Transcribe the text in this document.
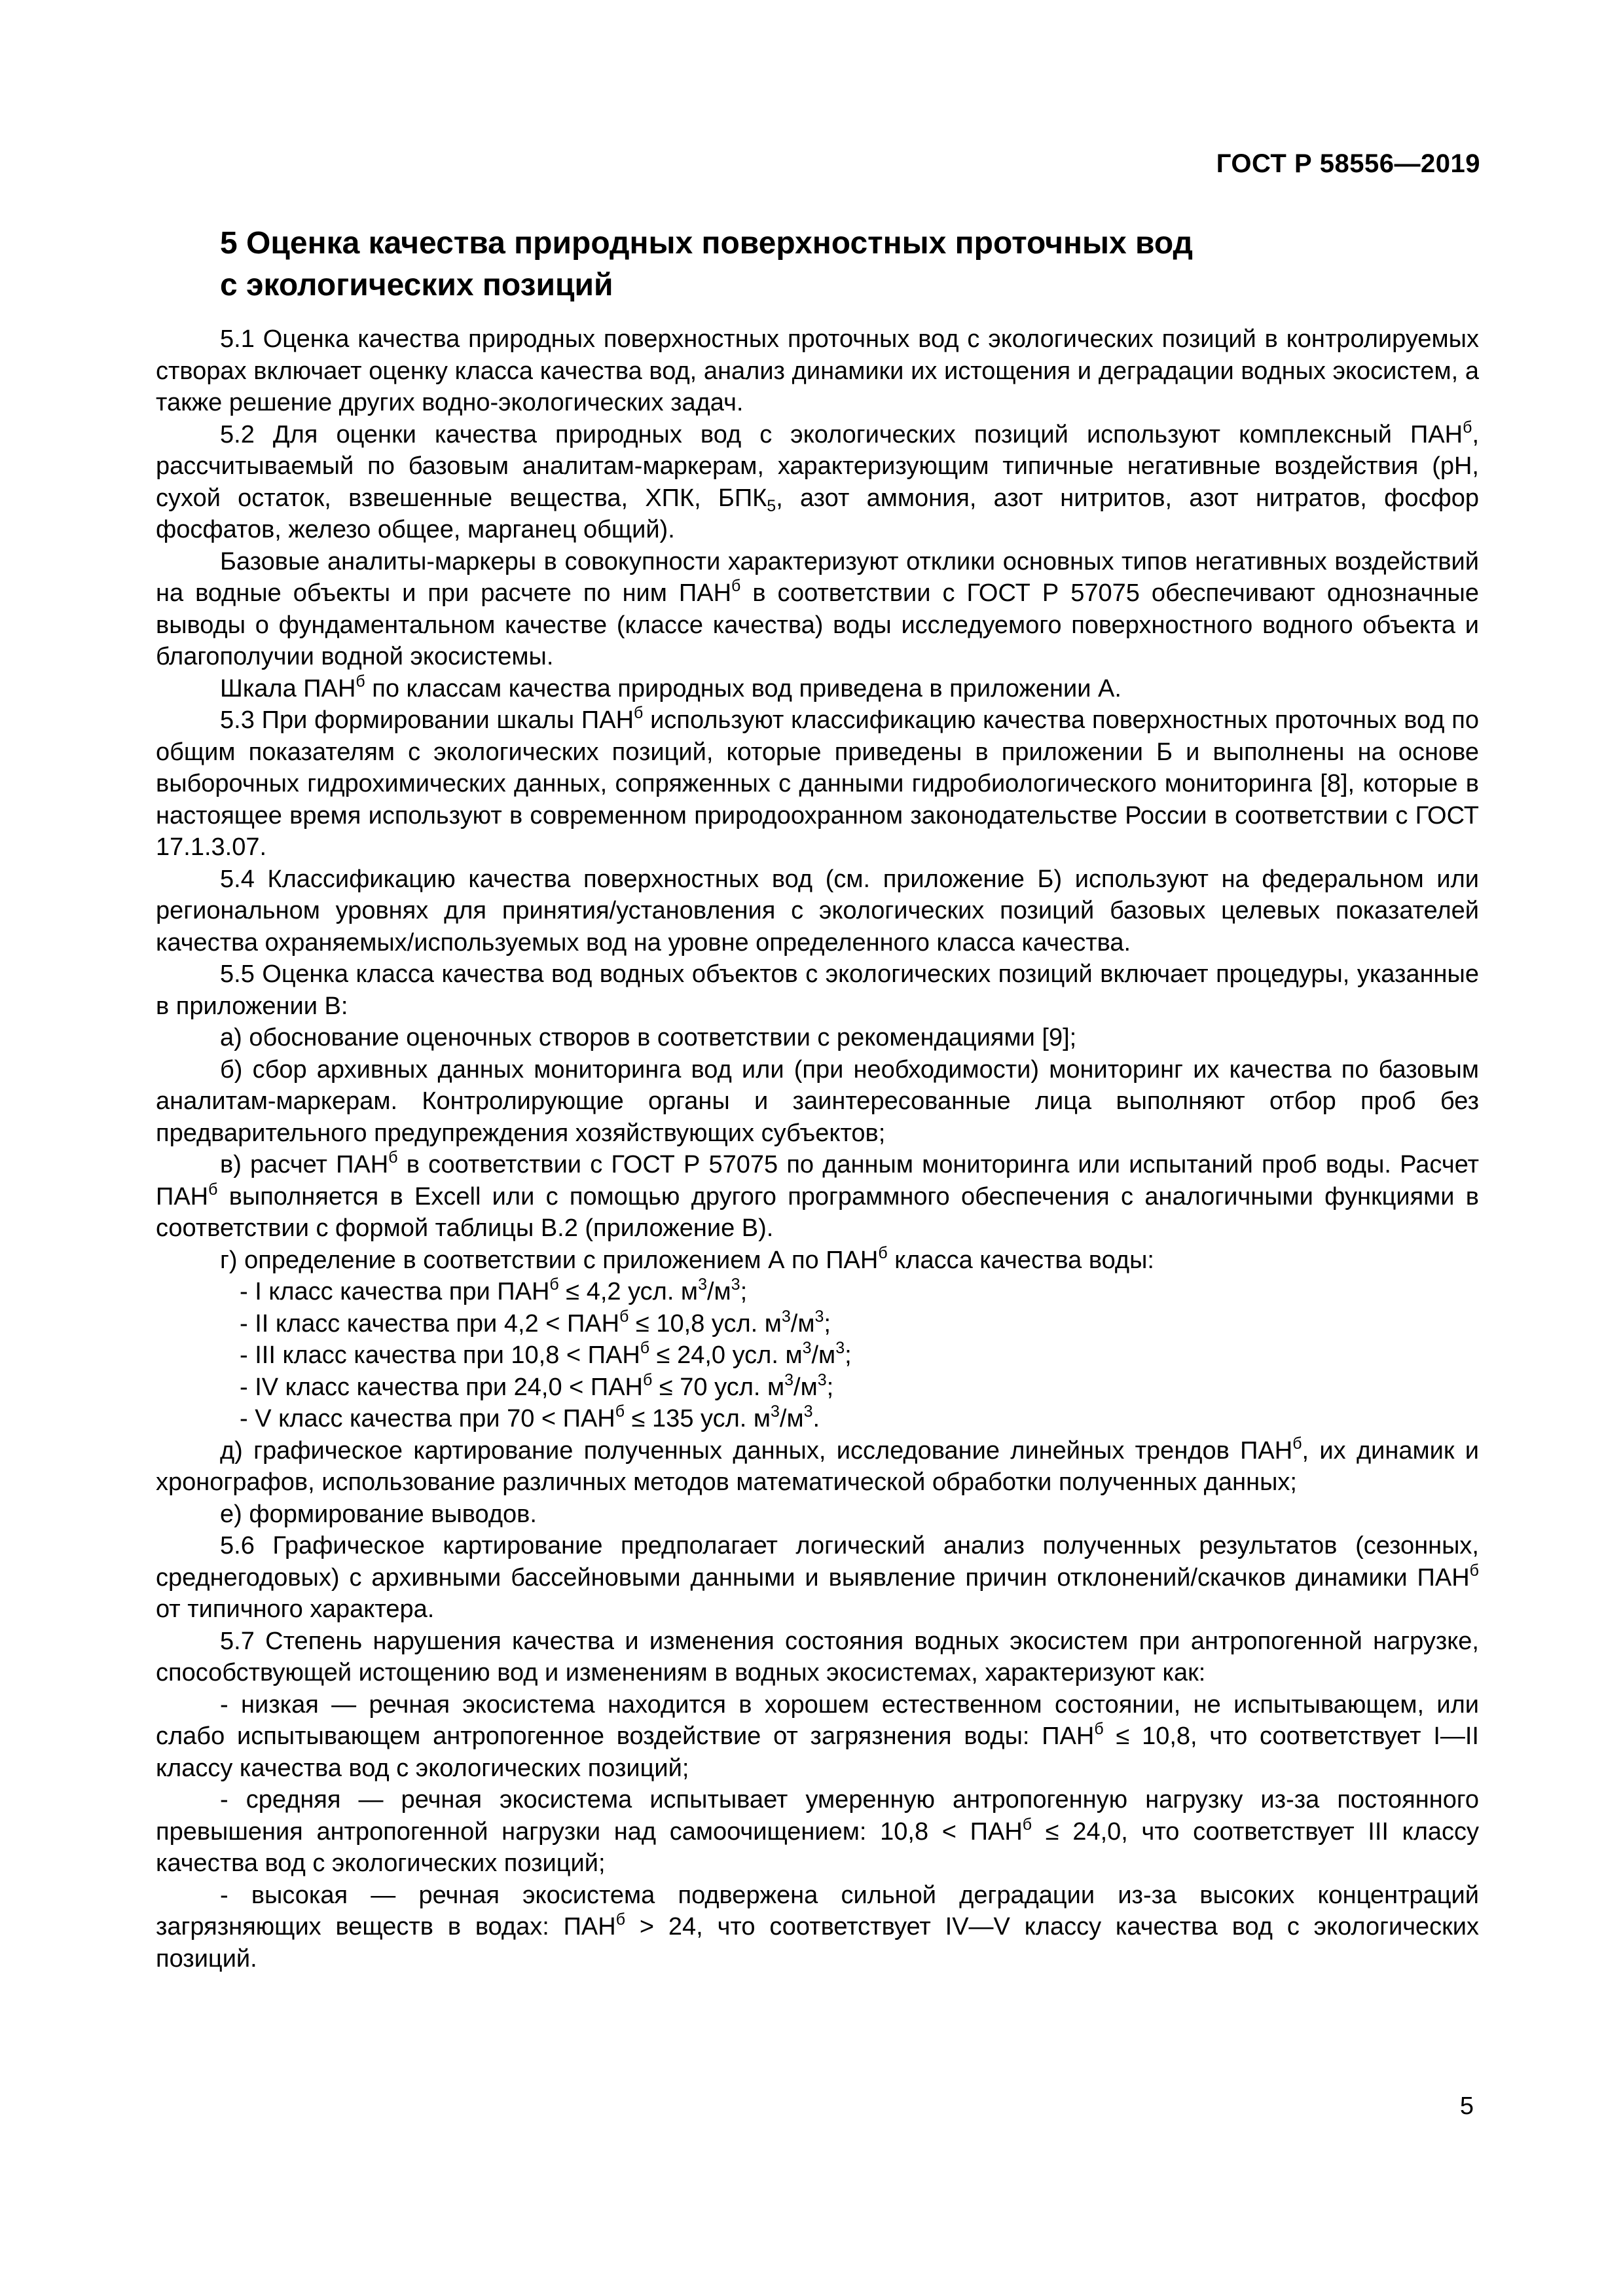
ГОСТ Р 58556—2019
5 Оценка качества природных поверхностных проточных вод
с экологических позиций

5.1 Оценка качества природных поверхностных проточных вод с экологических позиций в контролируемых створах включает оценку класса качества вод, анализ динамики их истощения и деградации водных экосистем, а также решение других водно-экологических задач.

5.2 Для оценки качества природных вод с экологических позиций используют комплексный $ПАН^б$, рассчитываемый по базовым аналитам-маркерам, характеризующим типичные негативные воздействия (pH, сухой остаток, взвешенные вещества, ХПК, $БПК_5$, азот аммония, азот нитритов, азот нитратов, фосфор фосфатов, железо общее, марганец общий).

Базовые аналиты-маркеры в совокупности характеризуют отклики основных типов негативных воздействий на водные объекты и при расчете по ним $ПАН^б$ в соответствии с ГОСТ Р 57075 обеспечивают однозначные выводы о фундаментальном качестве (классе качества) воды исследуемого поверхностного водного объекта и благополучии водной экосистемы.

Шкала $ПАН^б$ по классам качества природных вод приведена в приложении А.

5.3 При формировании шкалы $ПАН^б$ используют классификацию качества поверхностных проточных вод по общим показателям с экологических позиций, которые приведены в приложении Б и выполнены на основе выборочных гидрохимических данных, сопряженных с данными гидробиологического мониторинга [8], которые в настоящее время используют в современном природоохранном законодательстве России в соответствии с ГОСТ 17.1.3.07.

5.4 Классификацию качества поверхностных вод (см. приложение Б) используют на федеральном или региональном уровнях для принятия/установления с экологических позиций базовых целевых показателей качества охраняемых/используемых вод на уровне определенного класса качества.

5.5 Оценка класса качества вод водных объектов с экологических позиций включает процедуры, указанные в приложении В:

а) обоснование оценочных створов в соответствии с рекомендациями [9];

б) сбор архивных данных мониторинга вод или (при необходимости) мониторинг их качества по базовым аналитам-маркерам. Контролирующие органы и заинтересованные лица выполняют отбор проб без предварительного предупреждения хозяйствующих субъектов;

в) расчет $ПАН^б$ в соответствии с ГОСТ Р 57075 по данным мониторинга или испытаний проб воды. Расчет $ПАН^б$ выполняется в Excell или с помощью другого программного обеспечения с аналогичными функциями в соответствии с формой таблицы В.2 (приложение В).

г) определение в соответствии с приложением А по $ПАН^б$ класса качества воды:

- I класс качества при $ПАН^б \le 4,2$ усл. $м^3/м^3$;

- II класс качества при $4,2 < ПАН^б \le 10,8$ усл. $м^3/м^3$;

- III класс качества при $10,8 < ПАН^б \le 24,0$ усл. $м^3/м^3$;

- IV класс качества при $24,0 < ПАН^б \le 70$ усл. $м^3/м^3$;

- V класс качества при $70 < ПАН^б \le 135$ усл. $м^3/м^3$.

д) графическое картирование полученных данных, исследование линейных трендов $ПАН^б$, их динамик и хронографов, использование различных методов математической обработки полученных данных;

е) формирование выводов.

5.6 Графическое картирование предполагает логический анализ полученных результатов (сезонных, среднегодовых) с архивными бассейновыми данными и выявление причин отклонений/скачков динамики $ПАН^б$ от типичного характера.

5.7 Степень нарушения качества и изменения состояния водных экосистем при антропогенной нагрузке, способствующей истощению вод и изменениям в водных экосистемах, характеризуют как:

- низкая — речная экосистема находится в хорошем естественном состоянии, не испытывающем, или слабо испытывающем антропогенное воздействие от загрязнения воды: $ПАН^б \le 10,8$, что соответствует I—II классу качества вод с экологических позиций;

- средняя — речная экосистема испытывает умеренную антропогенную нагрузку из-за постоянного превышения антропогенной нагрузки над самоочищением: $10,8 < ПАН^б \le 24,0$, что соответствует III классу качества вод с экологических позиций;

- высокая — речная экосистема подвержена сильной деградации из-за высоких концентраций загрязняющих веществ в водах: $ПАН^б > 24$, что соответствует IV—V классу качества вод с экологических позиций.

5
